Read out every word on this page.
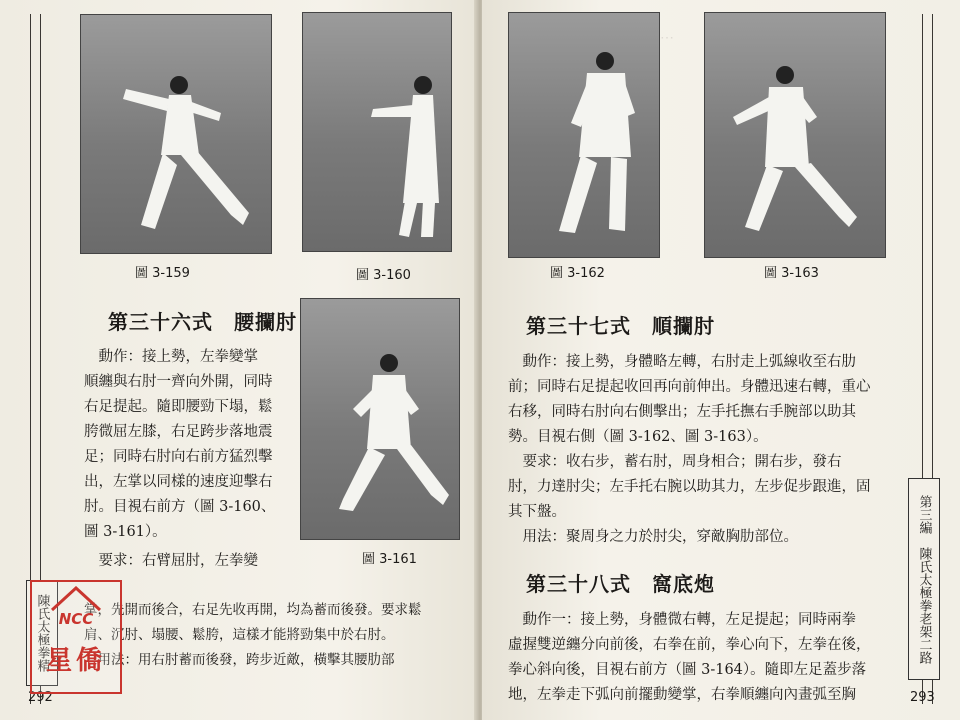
圖 3-159	圖 3-160
第三十六式　腰攔肘

動作：接上勢，左拳變掌

順纏與右肘一齊向外開，同時

右足提起。隨即腰勁下塌，鬆

胯微屈左膝，右足跨步落地震

足；同時右肘向右前方猛烈擊

出，左掌以同樣的速度迎擊右

肘。目視右前方（圖 3-160、

圖 3-161）。

要求：右臂屈肘，左拳變

掌，先開而後合，右足先收再開，均為蓄而後發。要求鬆

肩、沉肘、塌腰、鬆胯，這樣才能將勁集中於右肘。

用法：用右肘蓄而後發，跨步近敵，橫擊其腰肋部

圖 3-161
陳氏太極拳精
292
NCC
星僑
圖 3-162	圖 3-163
⋯
第三十七式　順攔肘

動作：接上勢，身體略左轉，右肘走上弧線收至右肋

前；同時右足提起收回再向前伸出。身體迅速右轉，重心

右移，同時右肘向右側擊出；左手托撫右手腕部以助其

勢。目視右側（圖 3-162、圖 3-163）。

要求：收右步，蓄右肘，周身相合；開右步，發右

肘，力達肘尖；左手托右腕以助其力，左步促步跟進，固

其下盤。

用法：聚周身之力於肘尖，穿敵胸肋部位。

第三十八式　窩底炮

動作一：接上勢，身體微右轉，左足提起；同時兩拳

虛握雙逆纏分向前後，右拳在前，拳心向下，左拳在後，

拳心斜向後，目視右前方（圖 3-164）。隨即左足蓋步落

地，左拳走下弧向前擺動變掌，右拳順纏向內畫弧至胸

第三編　陳氏太極拳老架二路
293
